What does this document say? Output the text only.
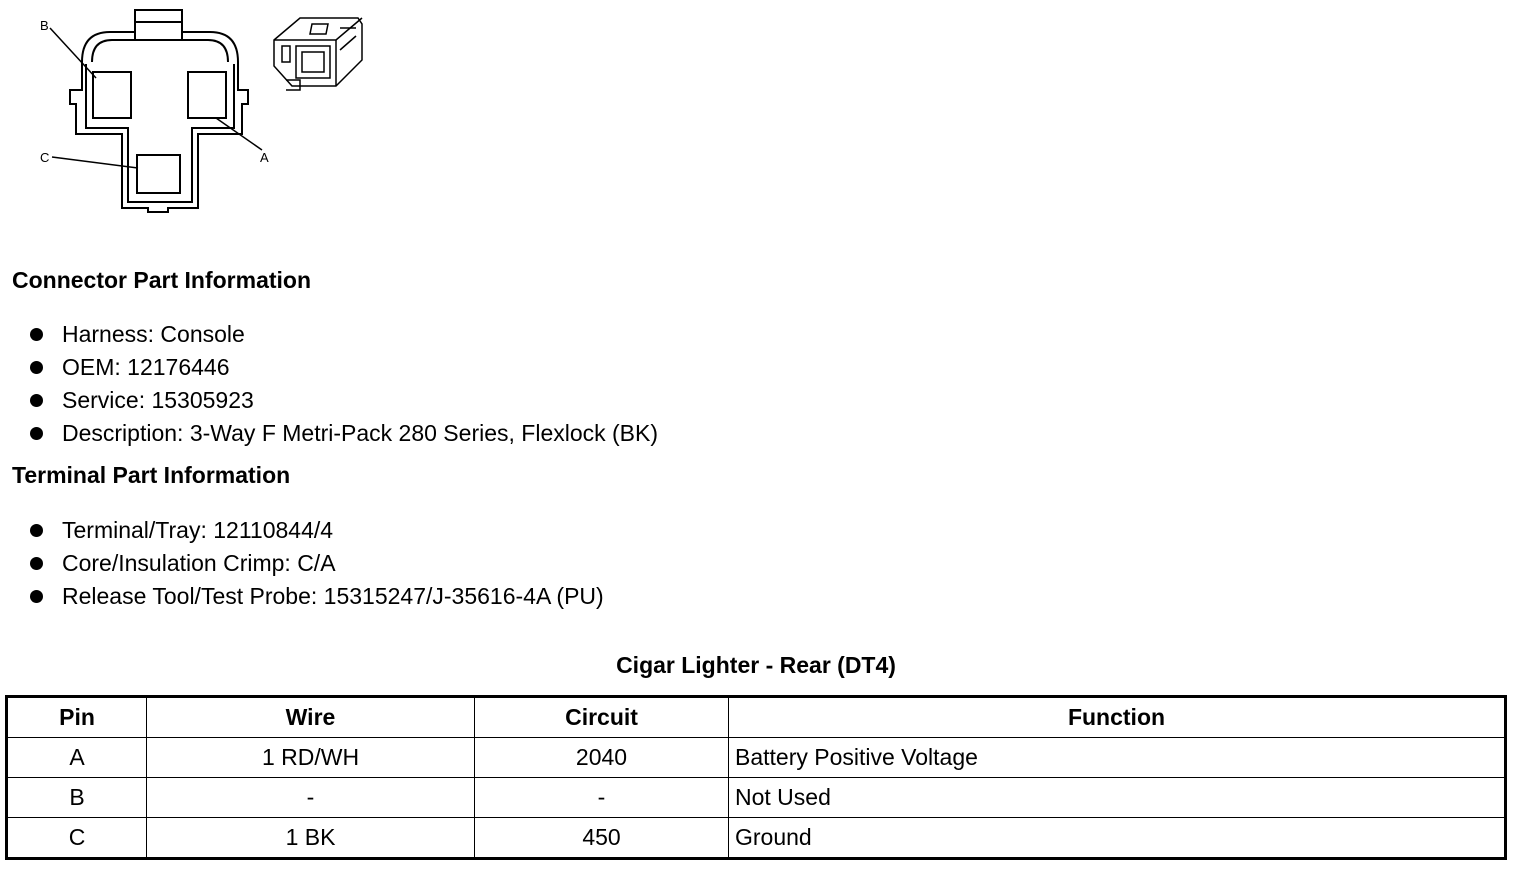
B
C	A
Connector Part Information
Harness: Console
OEM: 12176446
Service: 15305923
Description: 3-Way F Metri-Pack 280 Series, Flexlock (BK)
Terminal Part Information
Terminal/Tray: 12110844/4
Core/Insulation Crimp: C/A
Release Tool/Test Probe: 15315247/J-35616-4A (PU)
Cigar Lighter - Rear (DT4)
Pin	Wire	Circuit	Function
A	1 RD/WH	2040	Battery Positive Voltage
B	-	-	Not Used
C	1 BK	450	Ground
